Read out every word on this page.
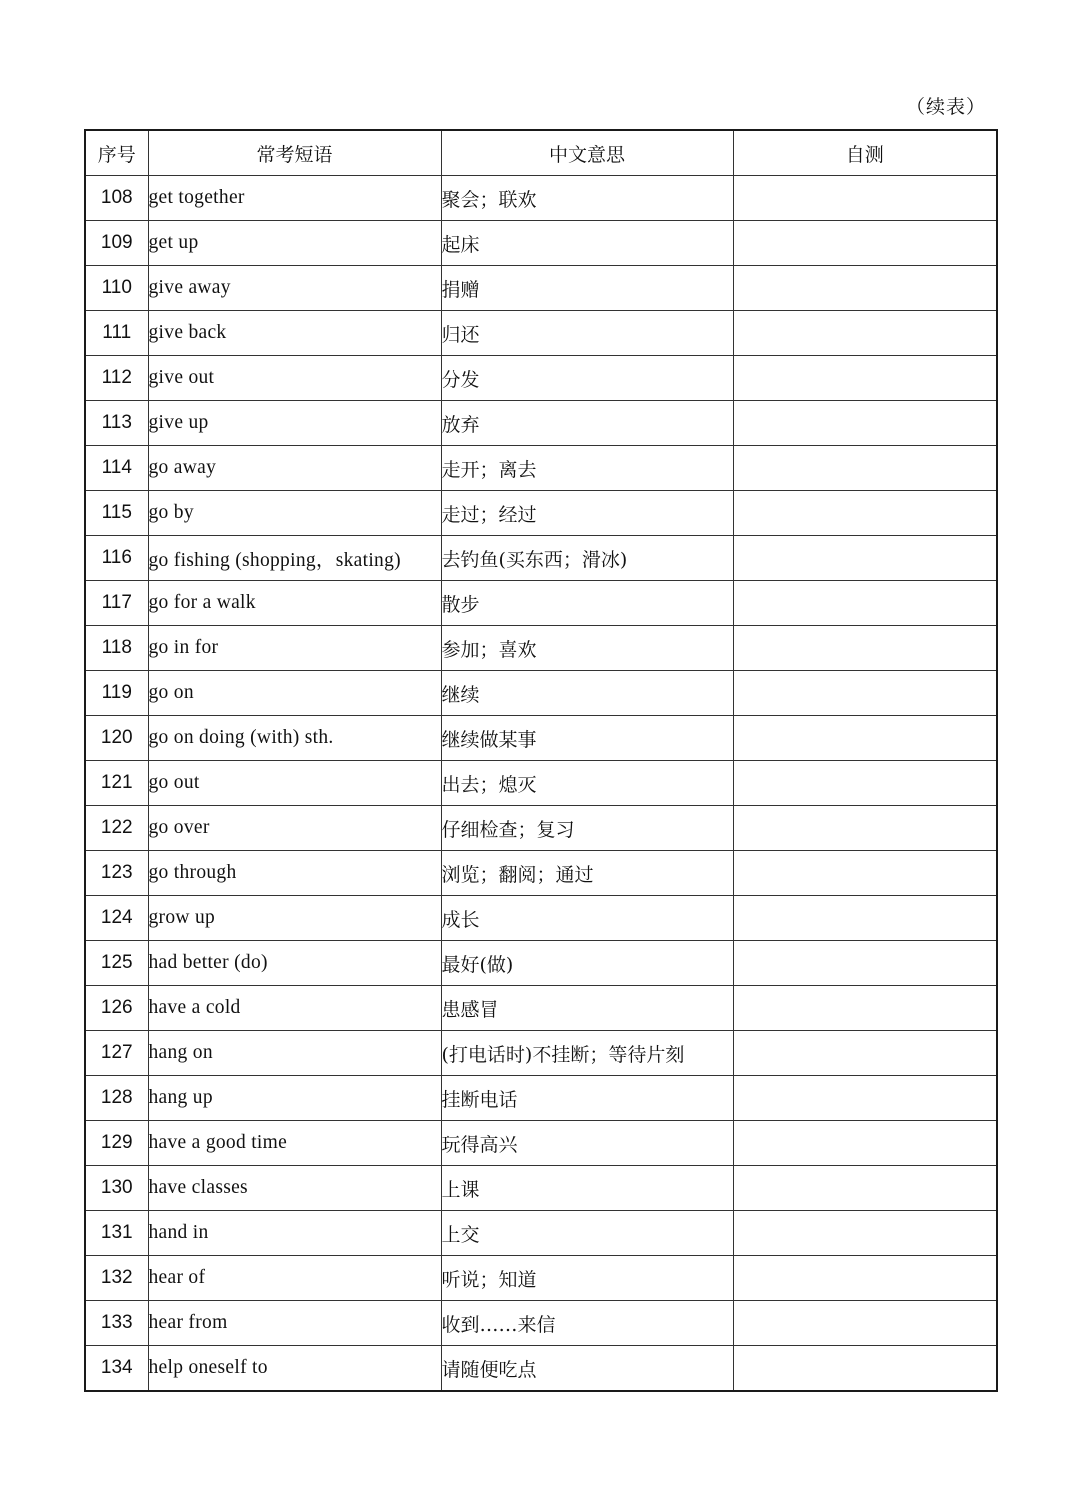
（续表）
序号	常考短语	中文意思	自测
108	get together	聚会；联欢	
109	get up	起床	
110	give away	捐赠	
111	give back	归还	
112	give out	分发	
113	give up	放弃	
114	go away	走开；离去	
115	go by	走过；经过	
116	go fishing (shopping，skating)	去钓鱼(买东西；滑冰)	
117	go for a walk	散步	
118	go in for	参加；喜欢	
119	go on	继续	
120	go on doing (with) sth.	继续做某事	
121	go out	出去；熄灭	
122	go over	仔细检查；复习	
123	go through	浏览；翻阅；通过	
124	grow up	成长	
125	had better (do)	最好(做)	
126	have a cold	患感冒	
127	hang on	(打电话时)不挂断；等待片刻	
128	hang up	挂断电话	
129	have a good time	玩得高兴	
130	have classes	上课	
131	hand in	上交	
132	hear of	听说；知道	
133	hear from	收到……来信	
134	help oneself to	请随便吃点	
